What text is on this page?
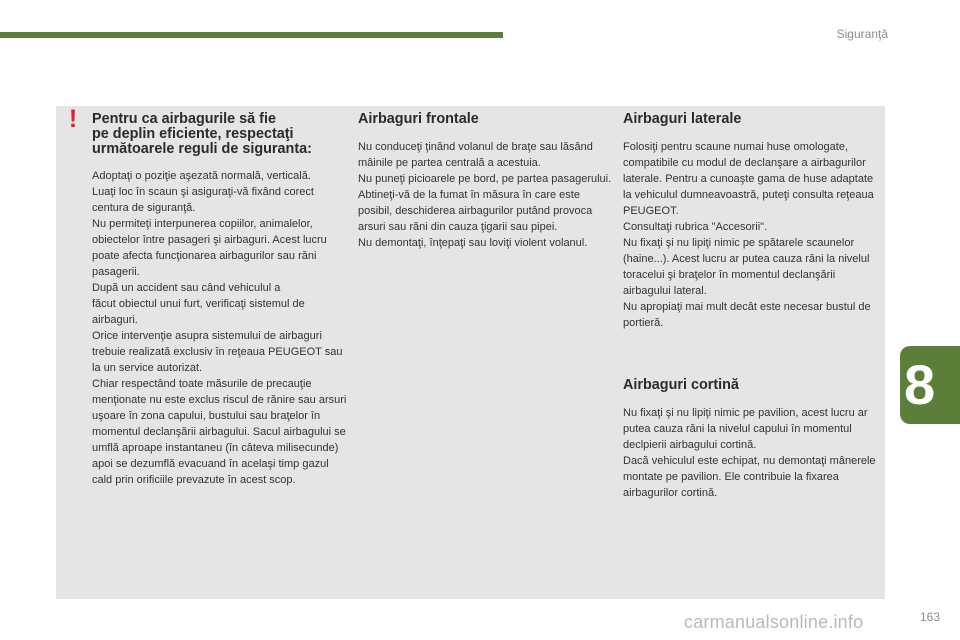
Siguranţă
8
!	Pentru ca airbagurile să fie
pe deplin eficiente, respectaţi
următoarele reguli de siguranta:

Adoptaţi o poziţie aşezată normală, verticală.
Luaţi loc în scaun şi asiguraţi-vă fixând corect centura de siguranţă.
Nu permiteţi interpunerea copiilor, animalelor, obiectelor între pasageri şi airbaguri. Acest lucru poate afecta funcţionarea airbagurilor sau răni pasagerii.
După un accident sau când vehiculul a
făcut obiectul unui furt, verificaţi sistemul de airbaguri.
Orice intervenţie asupra sistemului de airbaguri trebuie realizată exclusiv în reţeaua PEUGEOT sau la un service autorizat.
Chiar respectând toate măsurile de precauţie menţionate nu este exclus riscul de rănire sau arsuri uşoare în zona capului, bustului sau braţelor în momentul declanşării airbagului. Sacul airbagului se umflă aproape instantaneu (în câteva milisecunde) apoi se dezumflă evacuand în acelaşi timp gazul cald prin orificiile prevazute în acest scop.

Airbaguri frontale

Nu conduceţi ţinând volanul de braţe sau lăsând mâinile pe partea centrală a acestuia.
Nu puneţi picioarele pe bord, pe partea pasagerului.
Abtineţi-vă de la fumat în măsura în care este posibil, deschiderea airbagurilor putând provoca arsuri sau răni din cauza ţigarii sau pipei.
Nu demontaţi, înţepaţi sau loviţi violent volanul.

Airbaguri laterale

Folosiţi pentru scaune numai huse omologate, compatibile cu modul de declanşare a airbagurilor laterale. Pentru a cunoaşte gama de huse adaptate la vehiculul dumneavoastră, puteţi consulta reţeaua PEUGEOT.
Consultaţi rubrica "Accesorii".
Nu fixaţi şi nu lipiţi nimic pe spătarele scaunelor (haine...). Acest lucru ar putea cauza răni la nivelul toracelui şi braţelor în momentul declanşării airbagului lateral.
Nu apropiaţi mai mult decât este necesar bustul de portieră.

Airbaguri cortină

Nu fixaţi şi nu lipiţi nimic pe pavilion, acest lucru ar putea cauza răni la nivelul capului în momentul declpierii airbagului cortină.
Dacă vehiculul este echipat, nu demontaţi mânerele montate pe pavilion. Ele contribuie la fixarea airbagurilor cortină.

163
carmanualsonline.info
